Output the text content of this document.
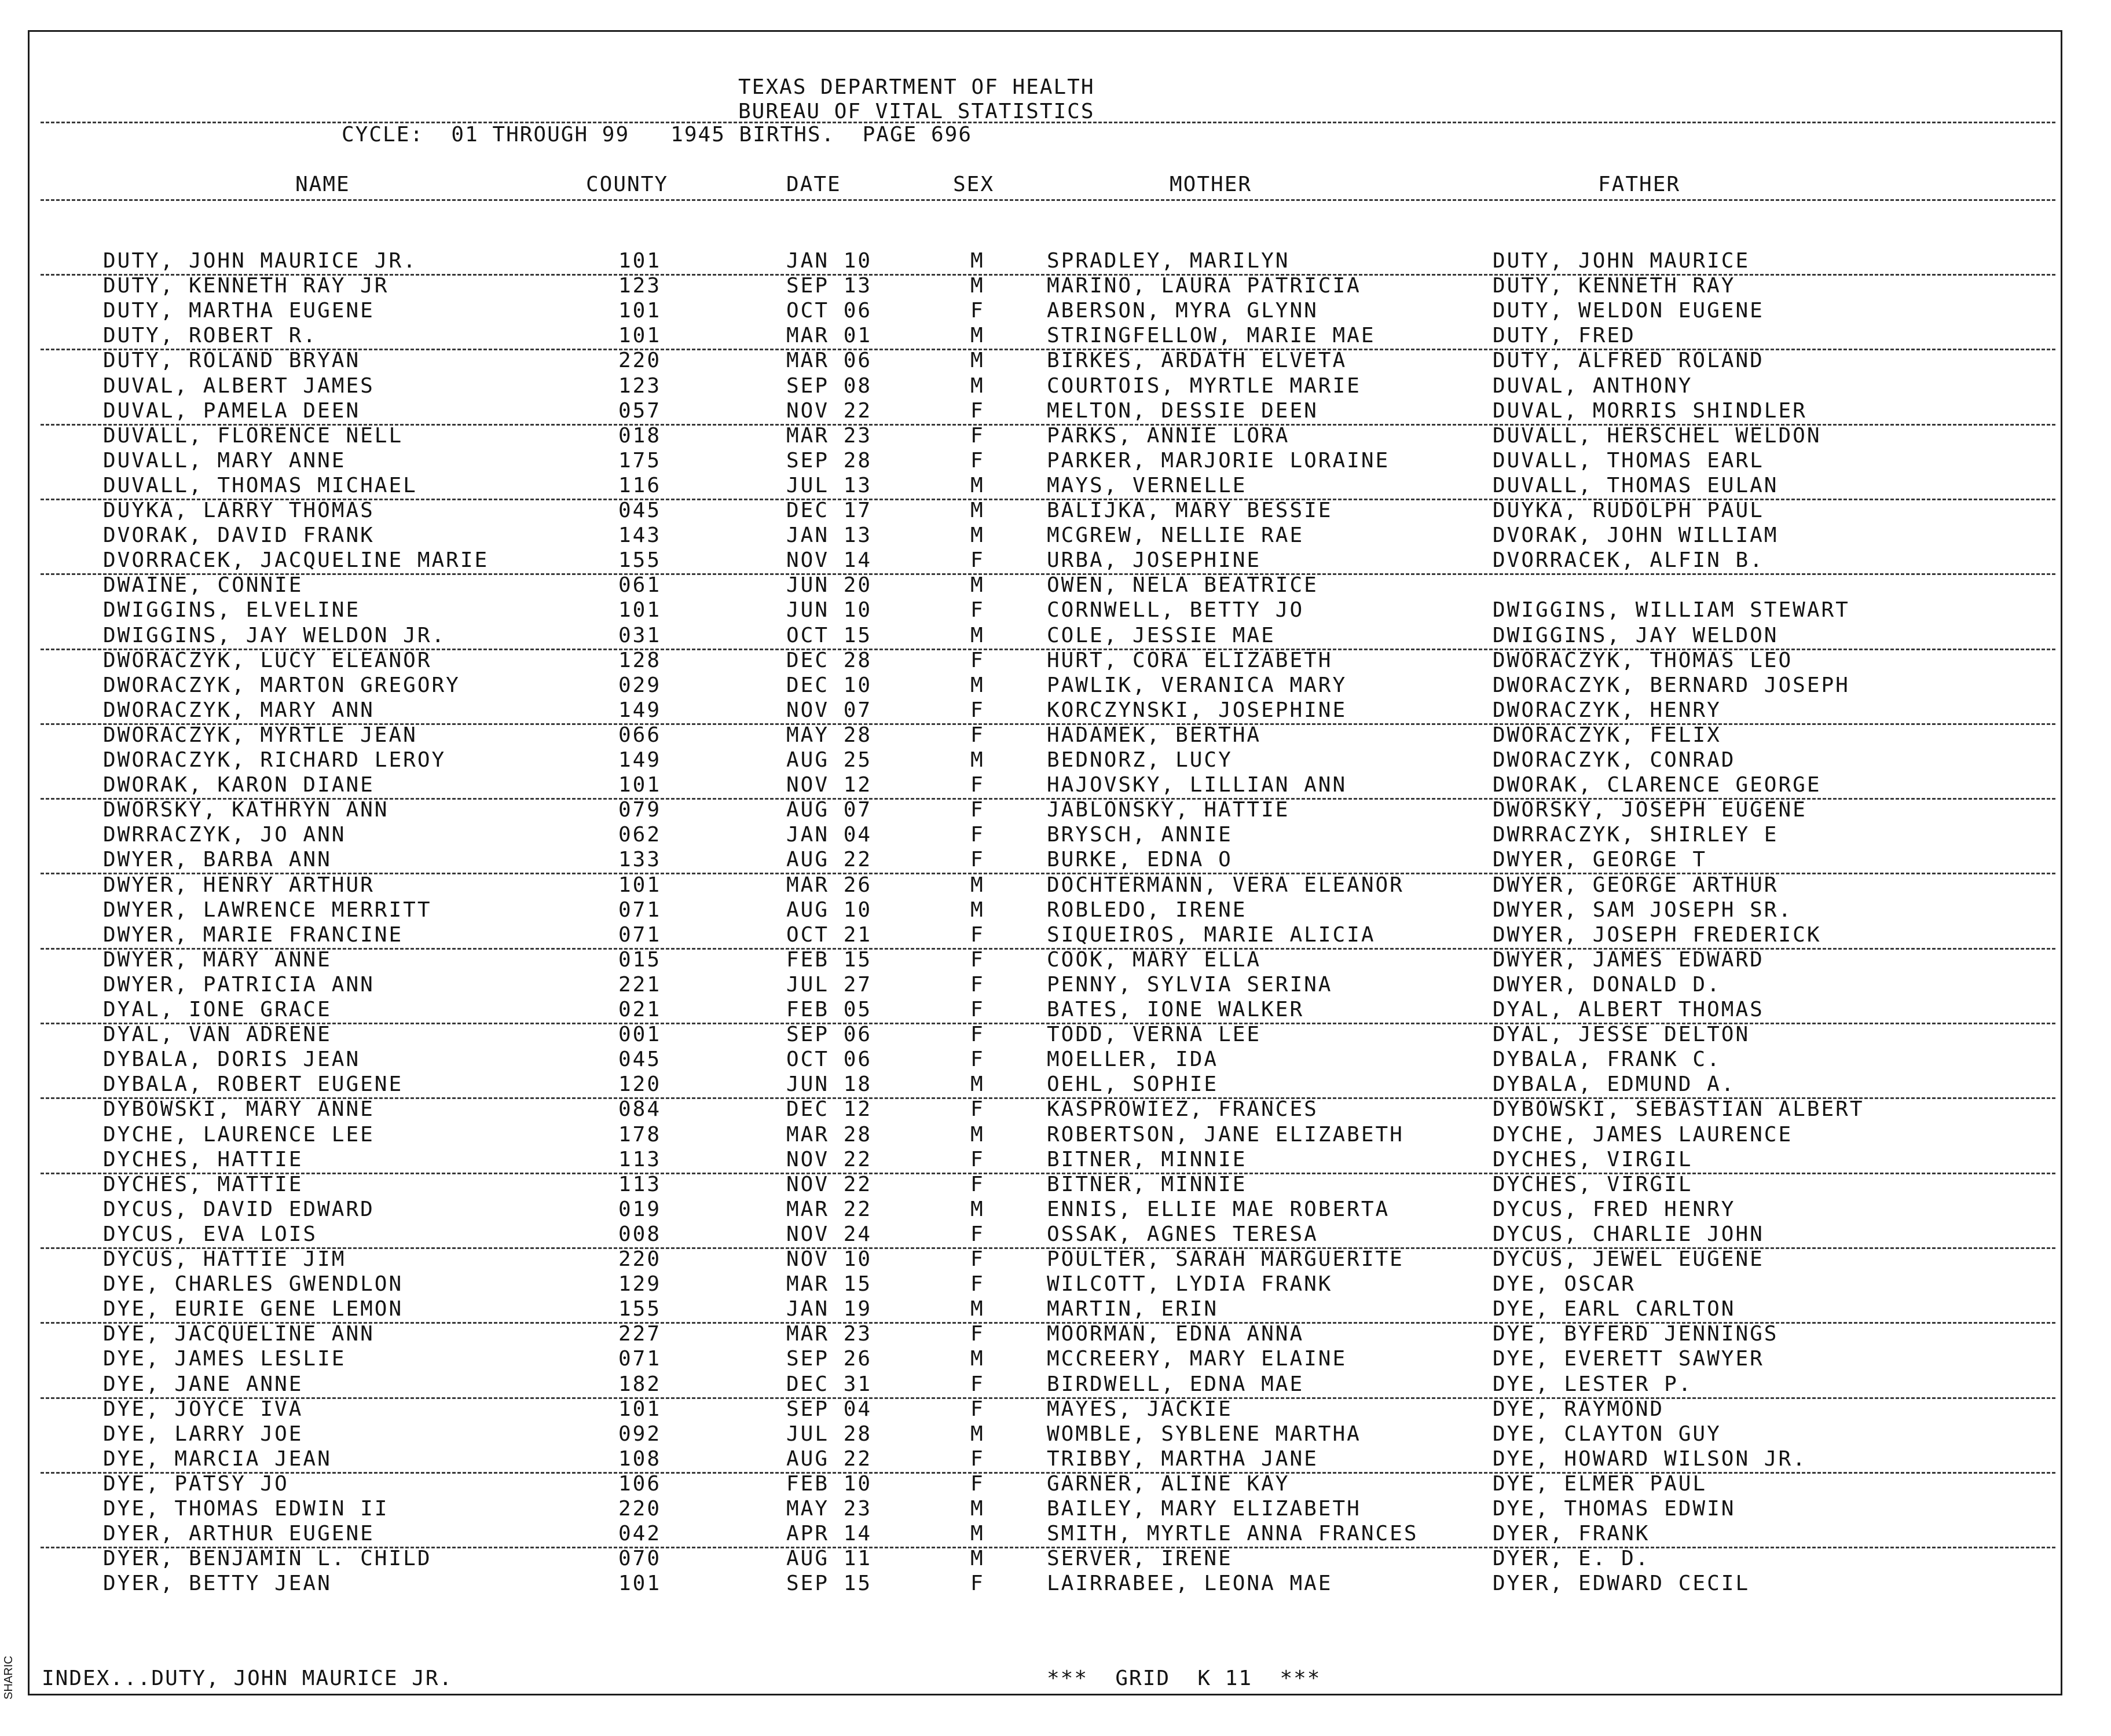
TEXAS DEPARTMENT OF HEALTH
BUREAU OF VITAL STATISTICS
CYCLE:  01 THROUGH 99   1945 BIRTHS.  PAGE 696
NAME	COUNTY	DATE	SEX	MOTHER	FATHER
DUTY, JOHN MAURICE JR.	101	JAN 10	M	SPRADLEY, MARILYN	DUTY, JOHN MAURICE
DUTY, KENNETH RAY JR	123	SEP 13	M	MARINO, LAURA PATRICIA	DUTY, KENNETH RAY
DUTY, MARTHA EUGENE	101	OCT 06	F	ABERSON, MYRA GLYNN	DUTY, WELDON EUGENE
DUTY, ROBERT R.	101	MAR 01	M	STRINGFELLOW, MARIE MAE	DUTY, FRED
DUTY, ROLAND BRYAN	220	MAR 06	M	BIRKES, ARDATH ELVETA	DUTY, ALFRED ROLAND
DUVAL, ALBERT JAMES	123	SEP 08	M	COURTOIS, MYRTLE MARIE	DUVAL, ANTHONY
DUVAL, PAMELA DEEN	057	NOV 22	F	MELTON, DESSIE DEEN	DUVAL, MORRIS SHINDLER
DUVALL, FLORENCE NELL	018	MAR 23	F	PARKS, ANNIE LORA	DUVALL, HERSCHEL WELDON
DUVALL, MARY ANNE	175	SEP 28	F	PARKER, MARJORIE LORAINE	DUVALL, THOMAS EARL
DUVALL, THOMAS MICHAEL	116	JUL 13	M	MAYS, VERNELLE	DUVALL, THOMAS EULAN
DUYKA, LARRY THOMAS	045	DEC 17	M	BALIJKA, MARY BESSIE	DUYKA, RUDOLPH PAUL
DVORAK, DAVID FRANK	143	JAN 13	M	MCGREW, NELLIE RAE	DVORAK, JOHN WILLIAM
DVORRACEK, JACQUELINE MARIE	155	NOV 14	F	URBA, JOSEPHINE	DVORRACEK, ALFIN B.
DWAINE, CONNIE	061	JUN 20	M	OWEN, NELA BEATRICE
DWIGGINS, ELVELINE	101	JUN 10	F	CORNWELL, BETTY JO	DWIGGINS, WILLIAM STEWART
DWIGGINS, JAY WELDON JR.	031	OCT 15	M	COLE, JESSIE MAE	DWIGGINS, JAY WELDON
DWORACZYK, LUCY ELEANOR	128	DEC 28	F	HURT, CORA ELIZABETH	DWORACZYK, THOMAS LEO
DWORACZYK, MARTON GREGORY	029	DEC 10	M	PAWLIK, VERANICA MARY	DWORACZYK, BERNARD JOSEPH
DWORACZYK, MARY ANN	149	NOV 07	F	KORCZYNSKI, JOSEPHINE	DWORACZYK, HENRY
DWORACZYK, MYRTLE JEAN	066	MAY 28	F	HADAMEK, BERTHA	DWORACZYK, FELIX
DWORACZYK, RICHARD LEROY	149	AUG 25	M	BEDNORZ, LUCY	DWORACZYK, CONRAD
DWORAK, KARON DIANE	101	NOV 12	F	HAJOVSKY, LILLIAN ANN	DWORAK, CLARENCE GEORGE
DWORSKY, KATHRYN ANN	079	AUG 07	F	JABLONSKY, HATTIE	DWORSKY, JOSEPH EUGENE
DWRRACZYK, JO ANN	062	JAN 04	F	BRYSCH, ANNIE	DWRRACZYK, SHIRLEY E
DWYER, BARBA ANN	133	AUG 22	F	BURKE, EDNA O	DWYER, GEORGE T
DWYER, HENRY ARTHUR	101	MAR 26	M	DOCHTERMANN, VERA ELEANOR	DWYER, GEORGE ARTHUR
DWYER, LAWRENCE MERRITT	071	AUG 10	M	ROBLEDO, IRENE	DWYER, SAM JOSEPH SR.
DWYER, MARIE FRANCINE	071	OCT 21	F	SIQUEIROS, MARIE ALICIA	DWYER, JOSEPH FREDERICK
DWYER, MARY ANNE	015	FEB 15	F	COOK, MARY ELLA	DWYER, JAMES EDWARD
DWYER, PATRICIA ANN	221	JUL 27	F	PENNY, SYLVIA SERINA	DWYER, DONALD D.
DYAL, IONE GRACE	021	FEB 05	F	BATES, IONE WALKER	DYAL, ALBERT THOMAS
DYAL, VAN ADRENE	001	SEP 06	F	TODD, VERNA LEE	DYAL, JESSE DELTON
DYBALA, DORIS JEAN	045	OCT 06	F	MOELLER, IDA	DYBALA, FRANK C.
DYBALA, ROBERT EUGENE	120	JUN 18	M	OEHL, SOPHIE	DYBALA, EDMUND A.
DYBOWSKI, MARY ANNE	084	DEC 12	F	KASPROWIEZ, FRANCES	DYBOWSKI, SEBASTIAN ALBERT
DYCHE, LAURENCE LEE	178	MAR 28	M	ROBERTSON, JANE ELIZABETH	DYCHE, JAMES LAURENCE
DYCHES, HATTIE	113	NOV 22	F	BITNER, MINNIE	DYCHES, VIRGIL
DYCHES, MATTIE	113	NOV 22	F	BITNER, MINNIE	DYCHES, VIRGIL
DYCUS, DAVID EDWARD	019	MAR 22	M	ENNIS, ELLIE MAE ROBERTA	DYCUS, FRED HENRY
DYCUS, EVA LOIS	008	NOV 24	F	OSSAK, AGNES TERESA	DYCUS, CHARLIE JOHN
DYCUS, HATTIE JIM	220	NOV 10	F	POULTER, SARAH MARGUERITE	DYCUS, JEWEL EUGENE
DYE, CHARLES GWENDLON	129	MAR 15	F	WILCOTT, LYDIA FRANK	DYE, OSCAR
DYE, EURIE GENE LEMON	155	JAN 19	M	MARTIN, ERIN	DYE, EARL CARLTON
DYE, JACQUELINE ANN	227	MAR 23	F	MOORMAN, EDNA ANNA	DYE, BYFERD JENNINGS
DYE, JAMES LESLIE	071	SEP 26	M	MCCREERY, MARY ELAINE	DYE, EVERETT SAWYER
DYE, JANE ANNE	182	DEC 31	F	BIRDWELL, EDNA MAE	DYE, LESTER P.
DYE, JOYCE IVA	101	SEP 04	F	MAYES, JACKIE	DYE, RAYMOND
DYE, LARRY JOE	092	JUL 28	M	WOMBLE, SYBLENE MARTHA	DYE, CLAYTON GUY
DYE, MARCIA JEAN	108	AUG 22	F	TRIBBY, MARTHA JANE	DYE, HOWARD WILSON JR.
DYE, PATSY JO	106	FEB 10	F	GARNER, ALINE KAY	DYE, ELMER PAUL
DYE, THOMAS EDWIN II	220	MAY 23	M	BAILEY, MARY ELIZABETH	DYE, THOMAS EDWIN
DYER, ARTHUR EUGENE	042	APR 14	M	SMITH, MYRTLE ANNA FRANCES	DYER, FRANK
DYER, BENJAMIN L. CHILD	070	AUG 11	M	SERVER, IRENE	DYER, E. D.
DYER, BETTY JEAN	101	SEP 15	F	LAIRRABEE, LEONA MAE	DYER, EDWARD CECIL
INDEX...DUTY, JOHN MAURICE JR.	***  GRID  K 11  ***
SHARIC
